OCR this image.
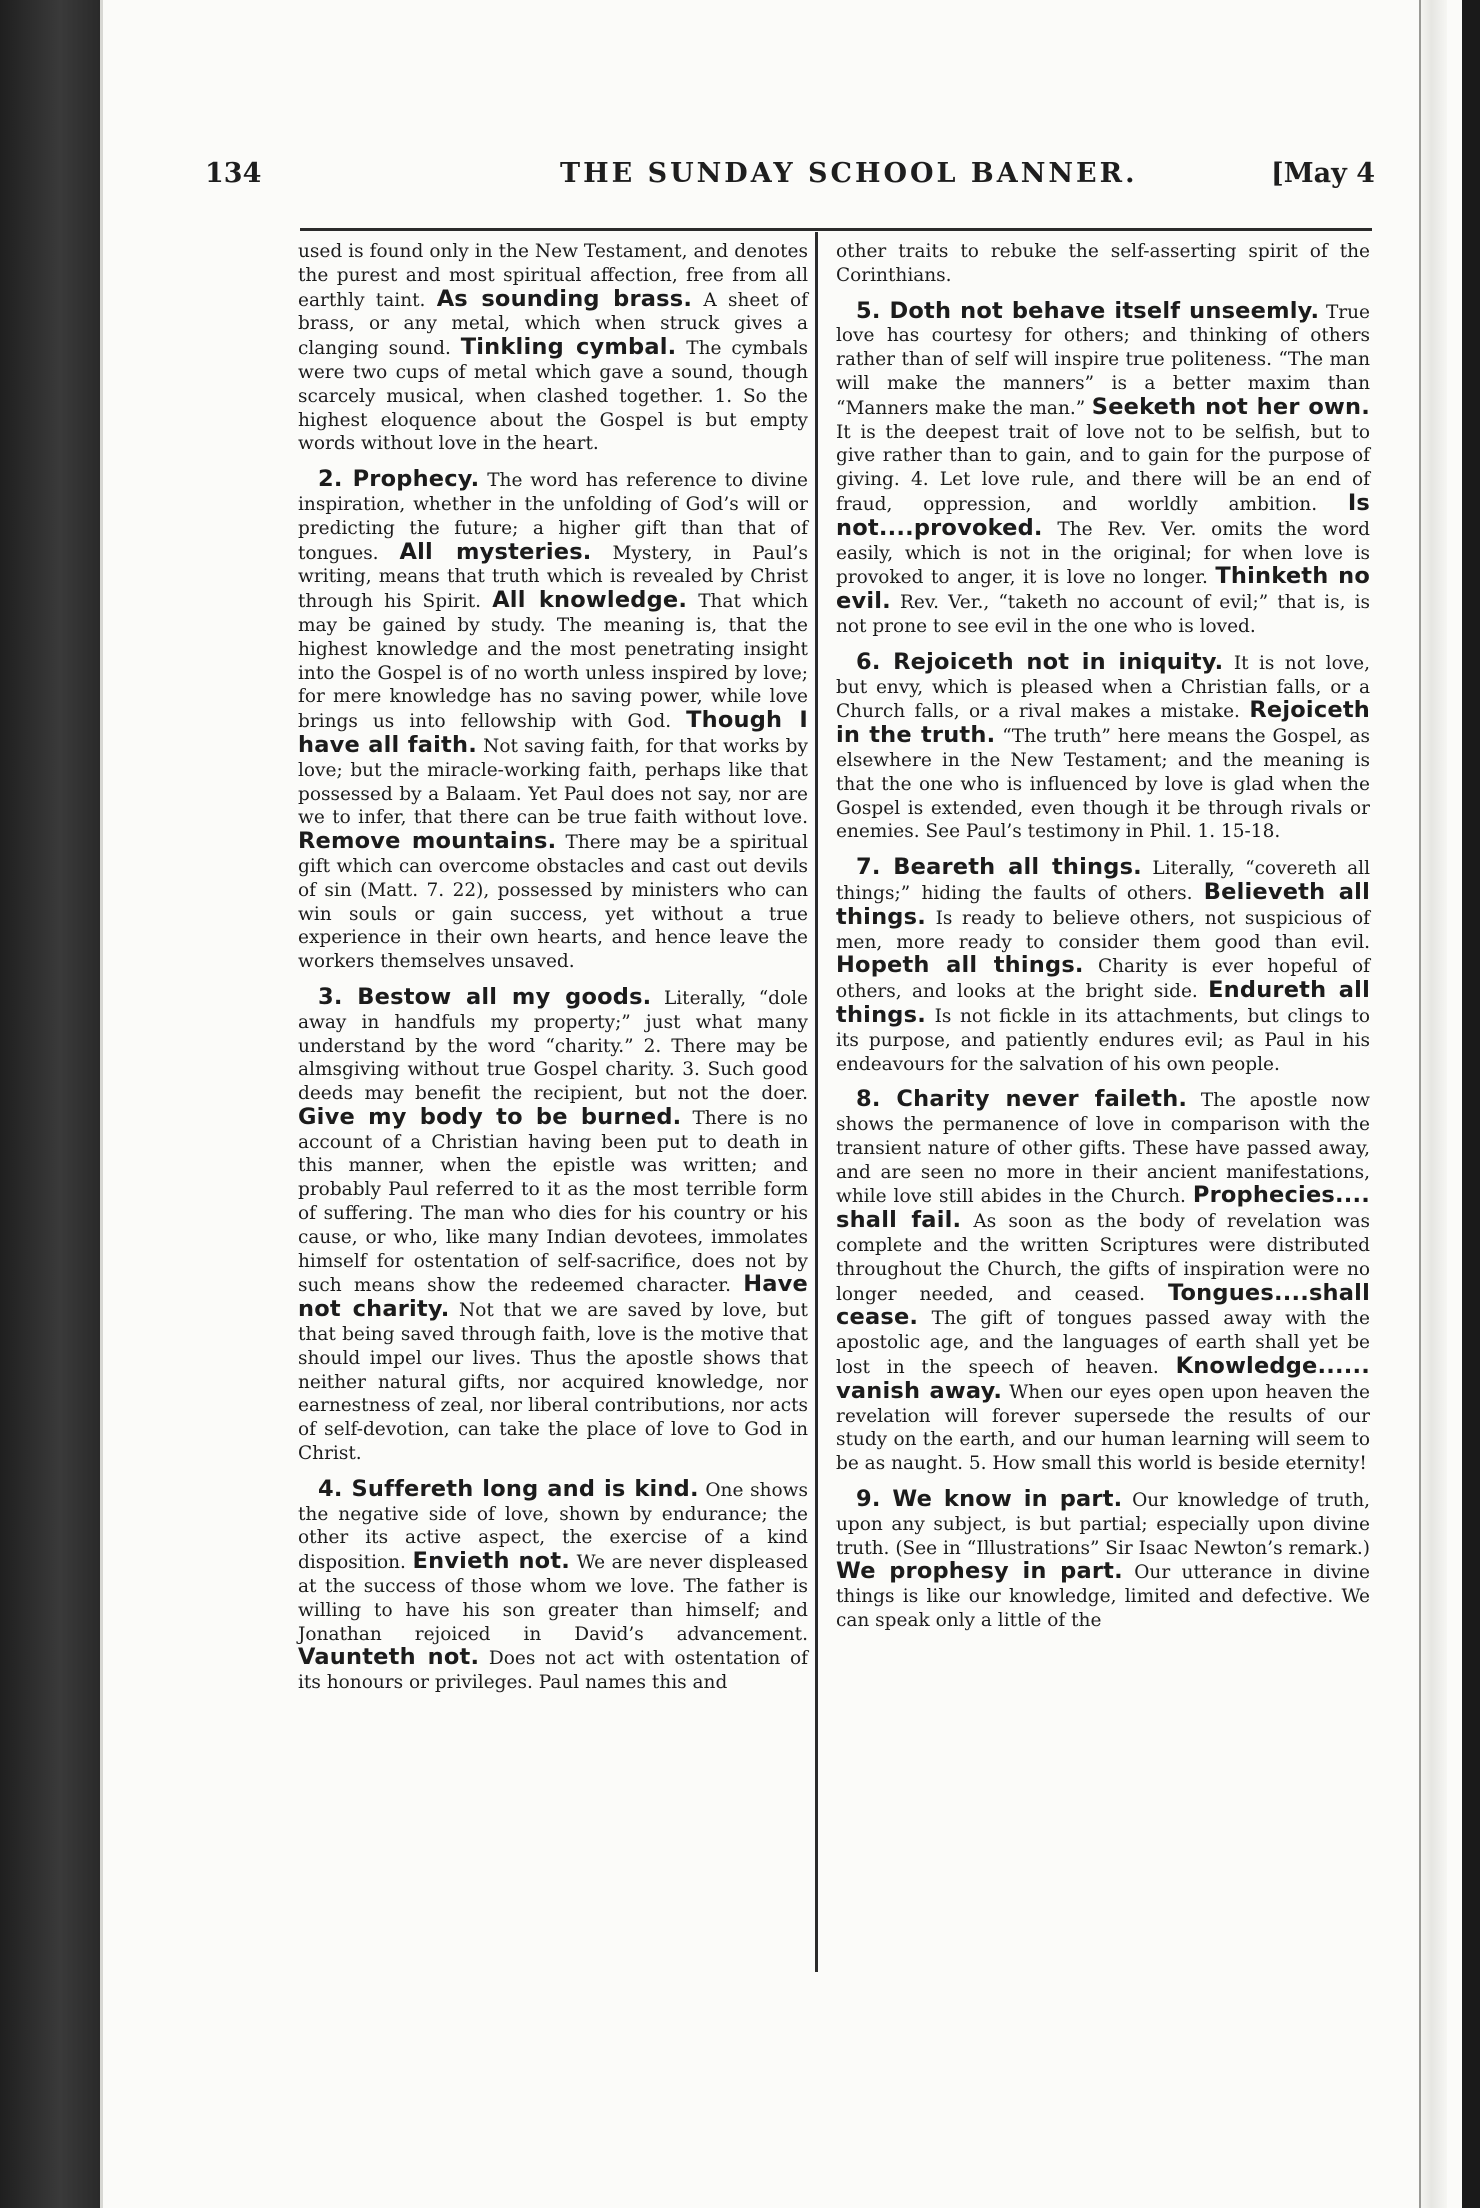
134	THE SUNDAY SCHOOL BANNER.	[May 4

used is found only in the New Testament, and denotes the purest and most spiritual affection, free from all earthly taint. As sounding brass. A sheet of brass, or any metal, which when struck gives a clanging sound. Tinkling cymbal. The cymbals were two cups of metal which gave a sound, though scarcely musical, when clashed together. 1. So the highest eloquence about the Gospel is but empty words without love in the heart.

2. Prophecy. The word has reference to divine inspiration, whether in the unfolding of God’s will or predicting the future; a higher gift than that of tongues. All mysteries. Mystery, in Paul’s writing, means that truth which is revealed by Christ through his Spirit. All knowledge. That which may be gained by study. The meaning is, that the highest knowledge and the most penetrating insight into the Gospel is of no worth unless inspired by love; for mere knowledge has no saving power, while love brings us into fellowship with God. Though I have all faith. Not saving faith, for that works by love; but the miracle-working faith, perhaps like that possessed by a Balaam. Yet Paul does not say, nor are we to infer, that there can be true faith without love. Remove mountains. There may be a spiritual gift which can overcome obstacles and cast out devils of sin (Matt. 7. 22), possessed by ministers who can win souls or gain success, yet without a true experience in their own hearts, and hence leave the workers themselves unsaved.

3. Bestow all my goods. Literally, “dole away in handfuls my property;” just what many understand by the word “charity.” 2. There may be almsgiving without true Gospel charity. 3. Such good deeds may benefit the recipient, but not the doer. Give my body to be burned. There is no account of a Christian having been put to death in this manner, when the epistle was written; and probably Paul referred to it as the most terrible form of suffering. The man who dies for his country or his cause, or who, like many Indian devotees, immolates himself for ostentation of self-sacrifice, does not by such means show the redeemed character. Have not charity. Not that we are saved by love, but that being saved through faith, love is the motive that should impel our lives. Thus the apostle shows that neither natural gifts, nor acquired knowledge, nor earnestness of zeal, nor liberal contributions, nor acts of self-devotion, can take the place of love to God in Christ.

4. Suffereth long and is kind. One shows the negative side of love, shown by endurance; the other its active aspect, the exercise of a kind disposition. Envieth not. We are never displeased at the success of those whom we love. The father is willing to have his son greater than himself; and Jonathan rejoiced in David’s advancement. Vaunteth not. Does not act with ostentation of its honours or privileges. Paul names this and

other traits to rebuke the self-asserting spirit of the Corinthians.

5. Doth not behave itself unseemly. True love has courtesy for others; and thinking of others rather than of self will inspire true politeness. “The man will make the manners” is a better maxim than “Manners make the man.” Seeketh not her own. It is the deepest trait of love not to be selfish, but to give rather than to gain, and to gain for the purpose of giving. 4. Let love rule, and there will be an end of fraud, oppression, and worldly ambition. Is not....provoked. The Rev. Ver. omits the word easily, which is not in the original; for when love is provoked to anger, it is love no longer. Thinketh no evil. Rev. Ver., “taketh no account of evil;” that is, is not prone to see evil in the one who is loved.

6. Rejoiceth not in iniquity. It is not love, but envy, which is pleased when a Christian falls, or a Church falls, or a rival makes a mistake. Rejoiceth in the truth. “The truth” here means the Gospel, as elsewhere in the New Testament; and the meaning is that the one who is influenced by love is glad when the Gospel is extended, even though it be through rivals or enemies. See Paul’s testimony in Phil. 1. 15-18.

7. Beareth all things. Literally, “covereth all things;” hiding the faults of others. Believeth all things. Is ready to believe others, not suspicious of men, more ready to consider them good than evil. Hopeth all things. Charity is ever hopeful of others, and looks at the bright side. Endureth all things. Is not fickle in its attachments, but clings to its purpose, and patiently endures evil; as Paul in his endeavours for the salvation of his own people.

8. Charity never faileth. The apostle now shows the permanence of love in comparison with the transient nature of other gifts. These have passed away, and are seen no more in their ancient manifestations, while love still abides in the Church. Prophecies.... shall fail. As soon as the body of revelation was complete and the written Scriptures were distributed throughout the Church, the gifts of inspiration were no longer needed, and ceased. Tongues....shall cease. The gift of tongues passed away with the apostolic age, and the languages of earth shall yet be lost in the speech of heaven. Knowledge...... vanish away. When our eyes open upon heaven the revelation will forever supersede the results of our study on the earth, and our human learning will seem to be as naught. 5. How small this world is beside eternity!

9. We know in part. Our knowledge of truth, upon any subject, is but partial; especially upon divine truth. (See in “Illustrations” Sir Isaac Newton’s remark.) We prophesy in part. Our utterance in divine things is like our knowledge, limited and defective. We can speak only a little of the
